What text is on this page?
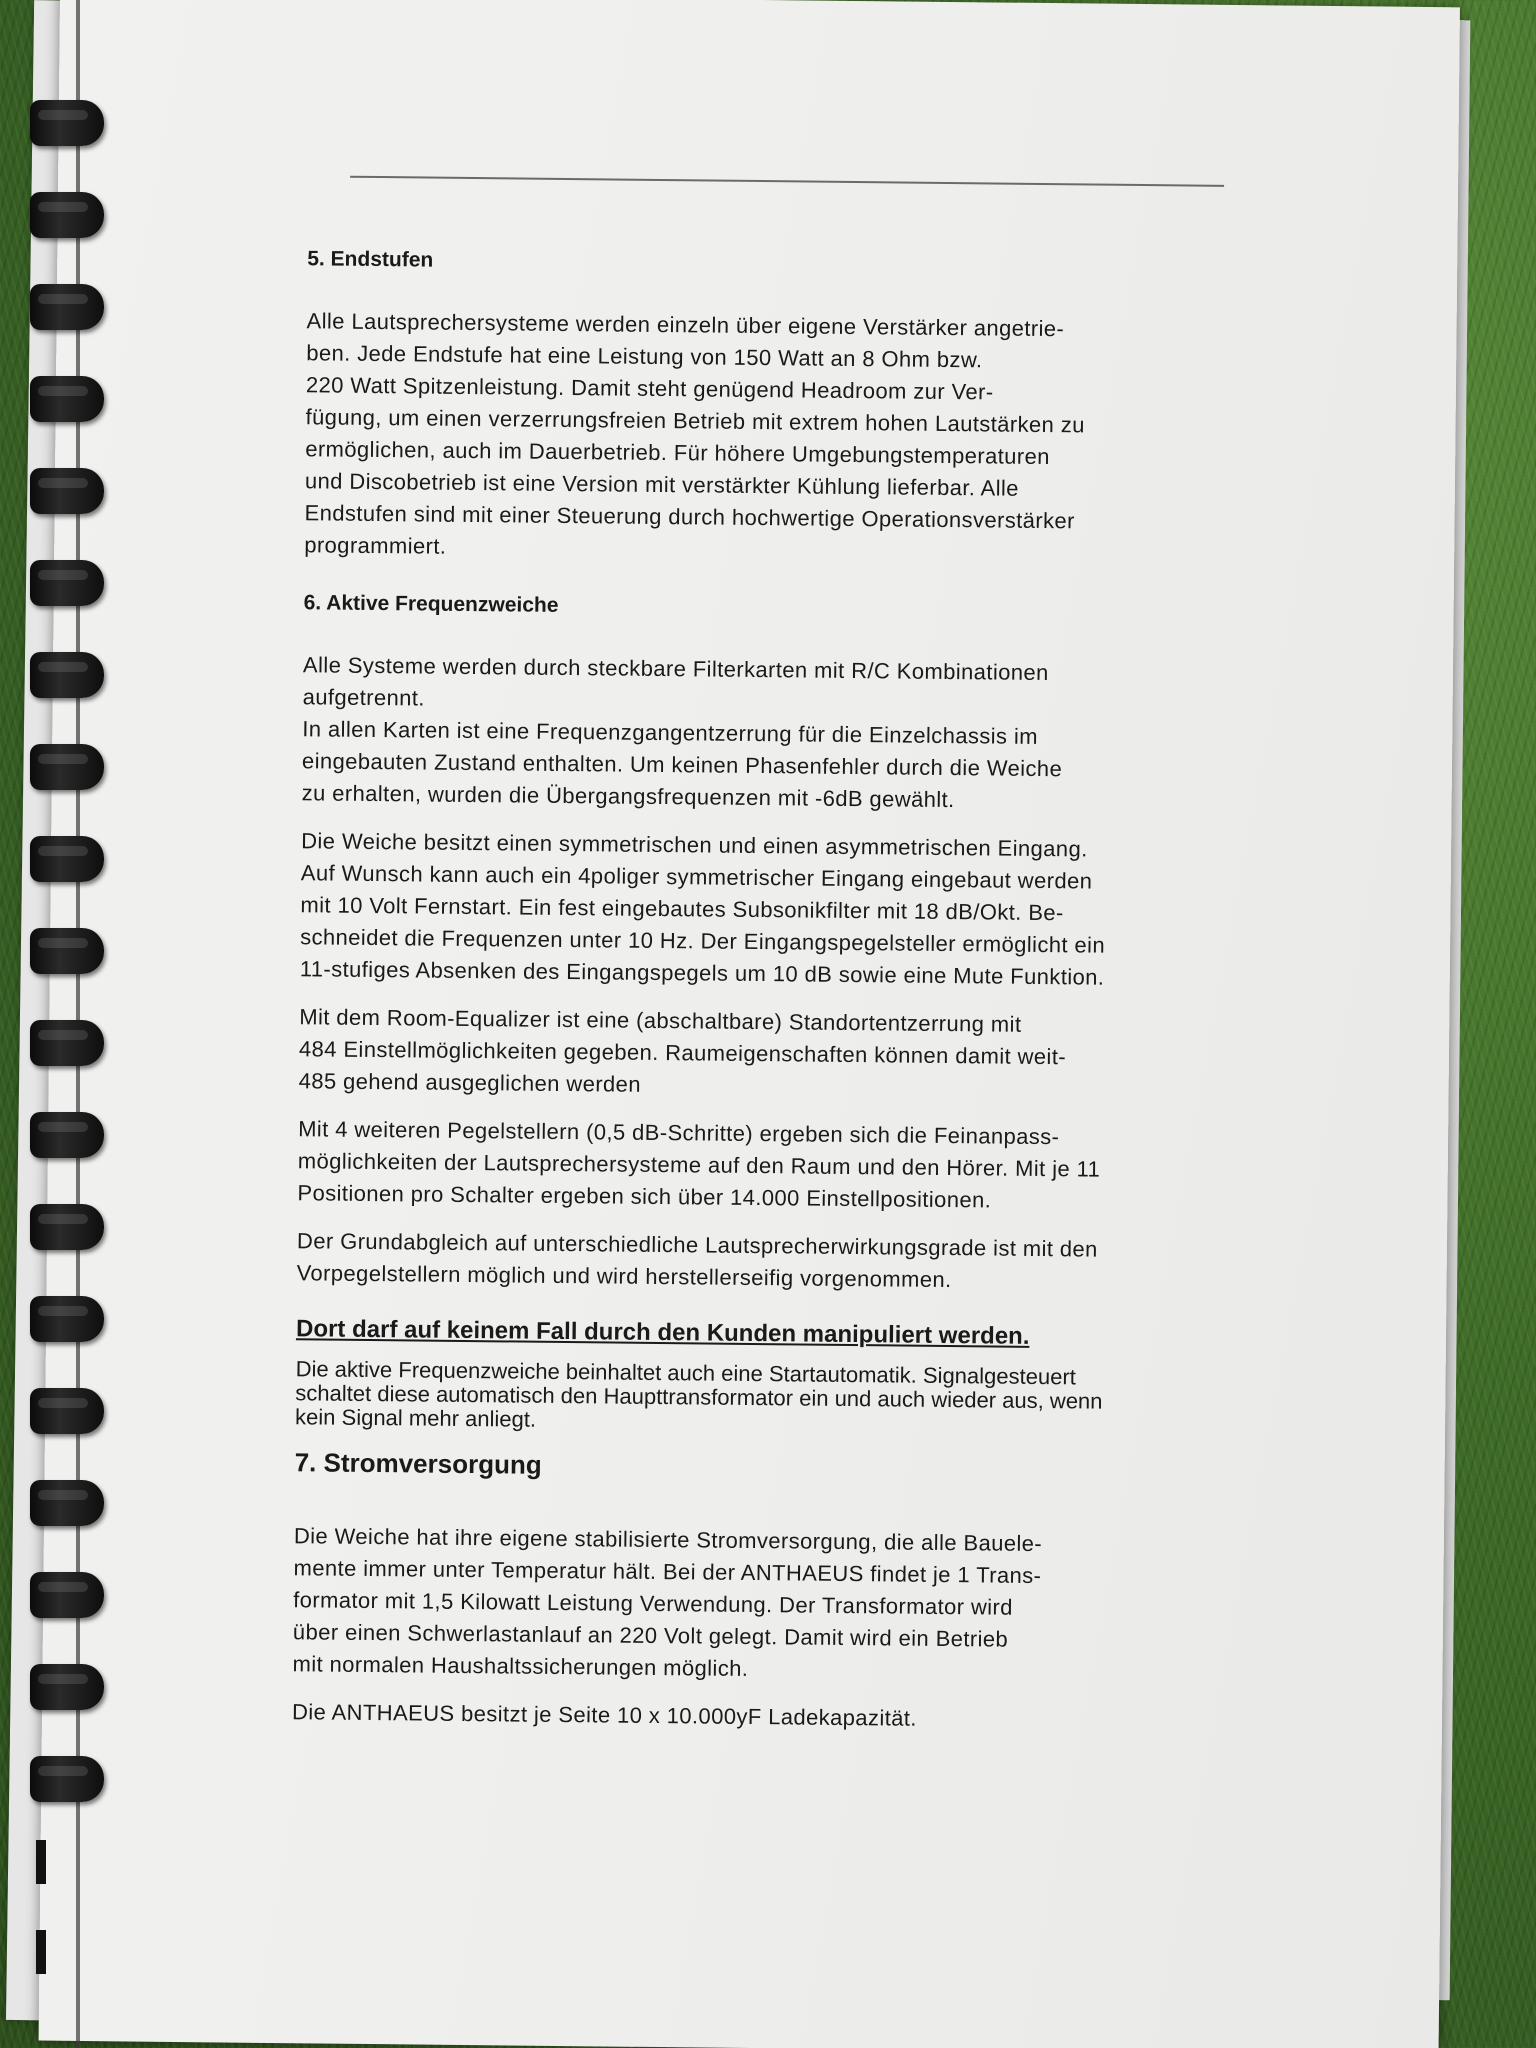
5. Endstufen

Alle Lautsprechersysteme werden einzeln über eigene Verstärker angetrie-
ben. Jede Endstufe hat eine Leistung von 150 Watt an 8 Ohm bzw.
220 Watt Spitzenleistung. Damit steht genügend Headroom zur Ver-
fügung, um einen verzerrungsfreien Betrieb mit extrem hohen Lautstärken zu
ermöglichen, auch im Dauerbetrieb. Für höhere Umgebungstemperaturen
und Discobetrieb ist eine Version mit verstärkter Kühlung lieferbar. Alle
Endstufen sind mit einer Steuerung durch hochwertige Operationsverstärker
programmiert.

6. Aktive Frequenzweiche

Alle Systeme werden durch steckbare Filterkarten mit R/C Kombinationen
aufgetrennt.
In allen Karten ist eine Frequenzgangentzerrung für die Einzelchassis im
eingebauten Zustand enthalten. Um keinen Phasenfehler durch die Weiche
zu erhalten, wurden die Übergangsfrequenzen mit -6dB gewählt.

Die Weiche besitzt einen symmetrischen und einen asymmetrischen Eingang.
Auf Wunsch kann auch ein 4poliger symmetrischer Eingang eingebaut werden
mit 10 Volt Fernstart. Ein fest eingebautes Subsonikfilter mit 18 dB/Okt. Be-
schneidet die Frequenzen unter 10 Hz. Der Eingangspegelsteller ermöglicht ein
11-stufiges Absenken des Eingangspegels um 10 dB sowie eine Mute Funktion.

Mit dem Room-Equalizer ist eine (abschaltbare) Standortentzerrung mit
484 Einstellmöglichkeiten gegeben. Raumeigenschaften können damit weit-
485 gehend ausgeglichen werden

Mit 4 weiteren Pegelstellern (0,5 dB-Schritte) ergeben sich die Feinanpass-
möglichkeiten der Lautsprechersysteme auf den Raum und den Hörer. Mit je 11
Positionen pro Schalter ergeben sich über 14.000 Einstellpositionen.

Der Grundabgleich auf unterschiedliche Lautsprecherwirkungsgrade ist mit den
Vorpegelstellern möglich und wird herstellerseifig vorgenommen.

Dort darf auf keinem Fall durch den Kunden manipuliert werden.

Die aktive Frequenzweiche beinhaltet auch eine Startautomatik. Signalgesteuert
schaltet diese automatisch den Haupttransformator ein und auch wieder aus, wenn
kein Signal mehr anliegt.

7. Stromversorgung

Die Weiche hat ihre eigene stabilisierte Stromversorgung, die alle Bauele-
mente immer unter Temperatur hält. Bei der ANTHAEUS findet je 1 Trans-
formator mit 1,5 Kilowatt Leistung Verwendung. Der Transformator wird
über einen Schwerlastanlauf an 220 Volt gelegt. Damit wird ein Betrieb
mit normalen Haushaltssicherungen möglich.

Die ANTHAEUS besitzt je Seite 10 x 10.000yF Ladekapazität.
